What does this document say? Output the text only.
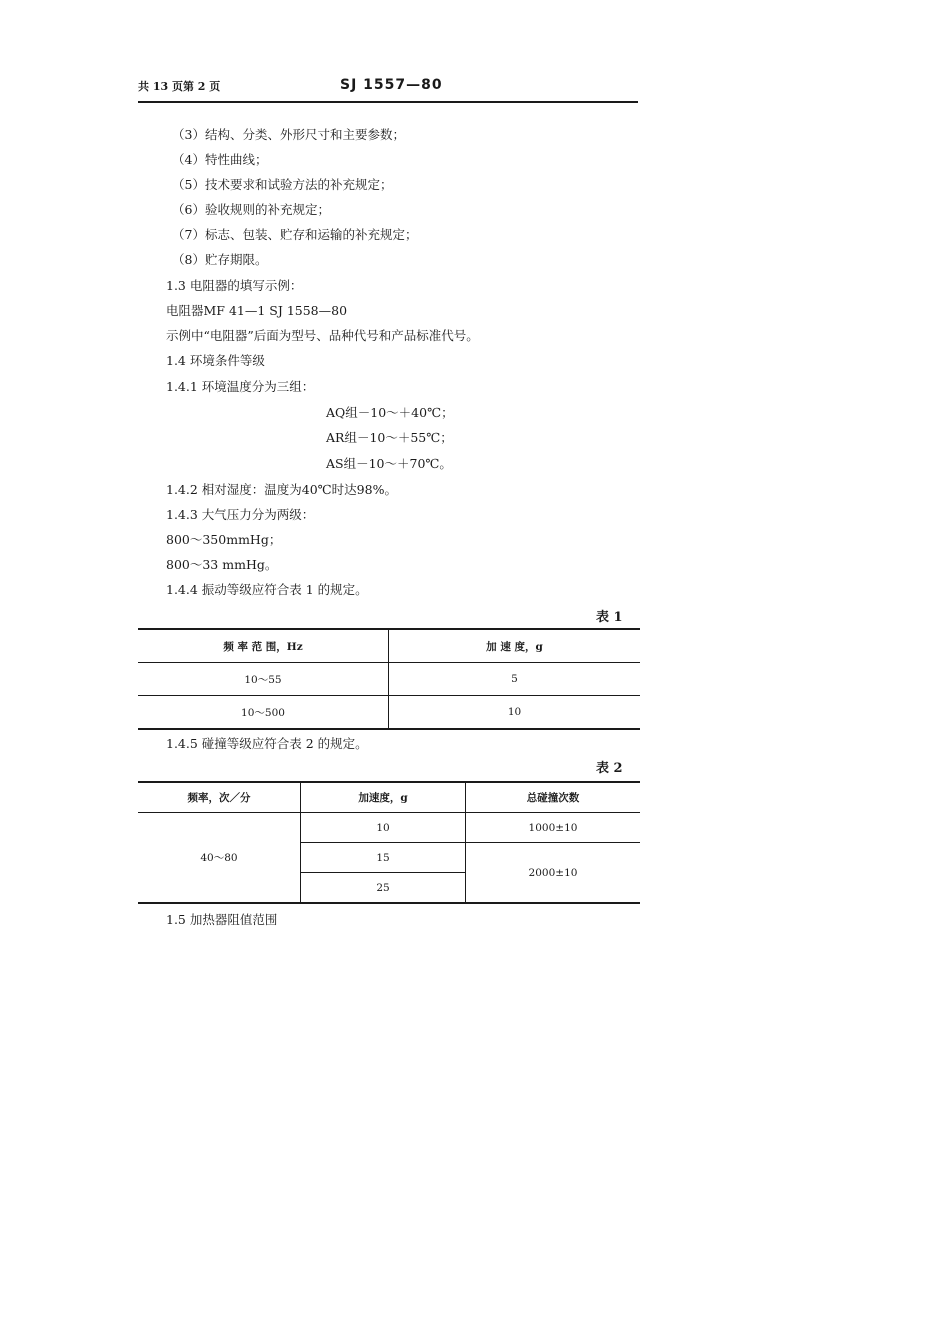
共 13 页第 2 页	SJ 1557—80
（3）结构、分类、外形尺寸和主要参数；
（4）特性曲线；
（5）技术要求和试验方法的补充规定；
（6）验收规则的补充规定；
（7）标志、包装、贮存和运输的补充规定；
（8）贮存期限。
1.3 电阻器的填写示例：
电阻器MF 41—1 SJ 1558—80
示例中“电阻器”后面为型号、品种代号和产品标准代号。
1.4 环境条件等级
1.4.1 环境温度分为三组：
AQ组－10～＋40℃；
AR组－10～＋55℃；
AS组－10～＋70℃。
1.4.2 相对湿度：温度为40℃时达98%。
1.4.3 大气压力分为两级：
800～350mmHg；
800～33 mmHg。
1.4.4 振动等级应符合表 1 的规定。
表 1
频 率 范 围，Hz	加 速 度，g
10～55	5
10～500	10
1.4.5 碰撞等级应符合表 2 的规定。
表 2
频率，次／分	加速度，g	总碰撞次数
40～80	10	1000±10
	15	2000±10
	25	
1.5 加热器阻值范围
